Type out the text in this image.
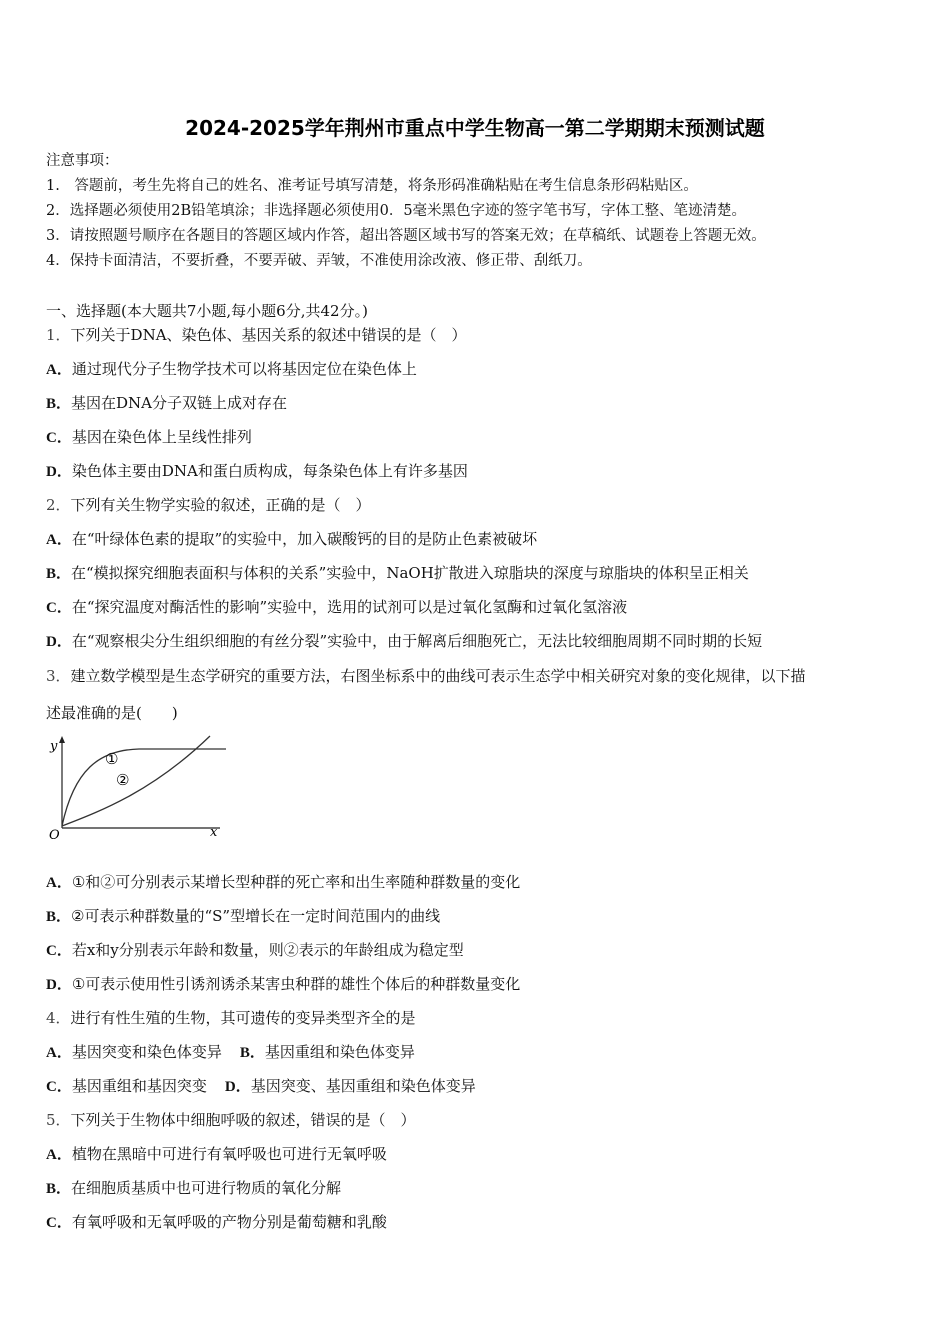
2024-2025学年荆州市重点中学生物高一第二学期期末预测试题
注意事项：
1.　答题前，考生先将自己的姓名、准考证号填写清楚，将条形码准确粘贴在考生信息条形码粘贴区。
2．选择题必须使用2B铅笔填涂；非选择题必须使用0．5毫米黑色字迹的签字笔书写，字体工整、笔迹清楚。
3．请按照题号顺序在各题目的答题区域内作答，超出答题区域书写的答案无效；在草稿纸、试题卷上答题无效。
4．保持卡面清洁，不要折叠，不要弄破、弄皱，不准使用涂改液、修正带、刮纸刀。
一、选择题(本大题共7小题,每小题6分,共42分。)
1．下列关于DNA、染色体、基因关系的叙述中错误的是（　）
A．通过现代分子生物学技术可以将基因定位在染色体上
B．基因在DNA分子双链上成对存在
C．基因在染色体上呈线性排列
D．染色体主要由DNA和蛋白质构成，每条染色体上有许多基因
2．下列有关生物学实验的叙述，正确的是（　）
A．在“叶绿体色素的提取”的实验中，加入碳酸钙的目的是防止色素被破坏
B．在“模拟探究细胞表面积与体积的关系”实验中，NaOH扩散进入琼脂块的深度与琼脂块的体积呈正相关
C．在“探究温度对酶活性的影响”实验中，选用的试剂可以是过氧化氢酶和过氧化氢溶液
D．在“观察根尖分生组织细胞的有丝分裂”实验中，由于解离后细胞死亡，无法比较细胞周期不同时期的长短
3．建立数学模型是生态学研究的重要方法，右图坐标系中的曲线可表示生态学中相关研究对象的变化规律，以下描
述最准确的是(　　)
y
x
O
①
②
A．①和②可分别表示某增长型种群的死亡率和出生率随种群数量的变化
B．②可表示种群数量的“S”型增长在一定时间范围内的曲线
C．若x和y分别表示年龄和数量，则②表示的年龄组成为稳定型
D．①可表示使用性引诱剂诱杀某害虫种群的雄性个体后的种群数量变化
4．进行有性生殖的生物，其可遗传的变异类型齐全的是
A．基因突变和染色体变异 B．基因重组和染色体变异
C．基因重组和基因突变 D．基因突变、基因重组和染色体变异
5．下列关于生物体中细胞呼吸的叙述，错误的是（　）
A．植物在黑暗中可进行有氧呼吸也可进行无氧呼吸
B．在细胞质基质中也可进行物质的氧化分解
C．有氧呼吸和无氧呼吸的产物分别是葡萄糖和乳酸
